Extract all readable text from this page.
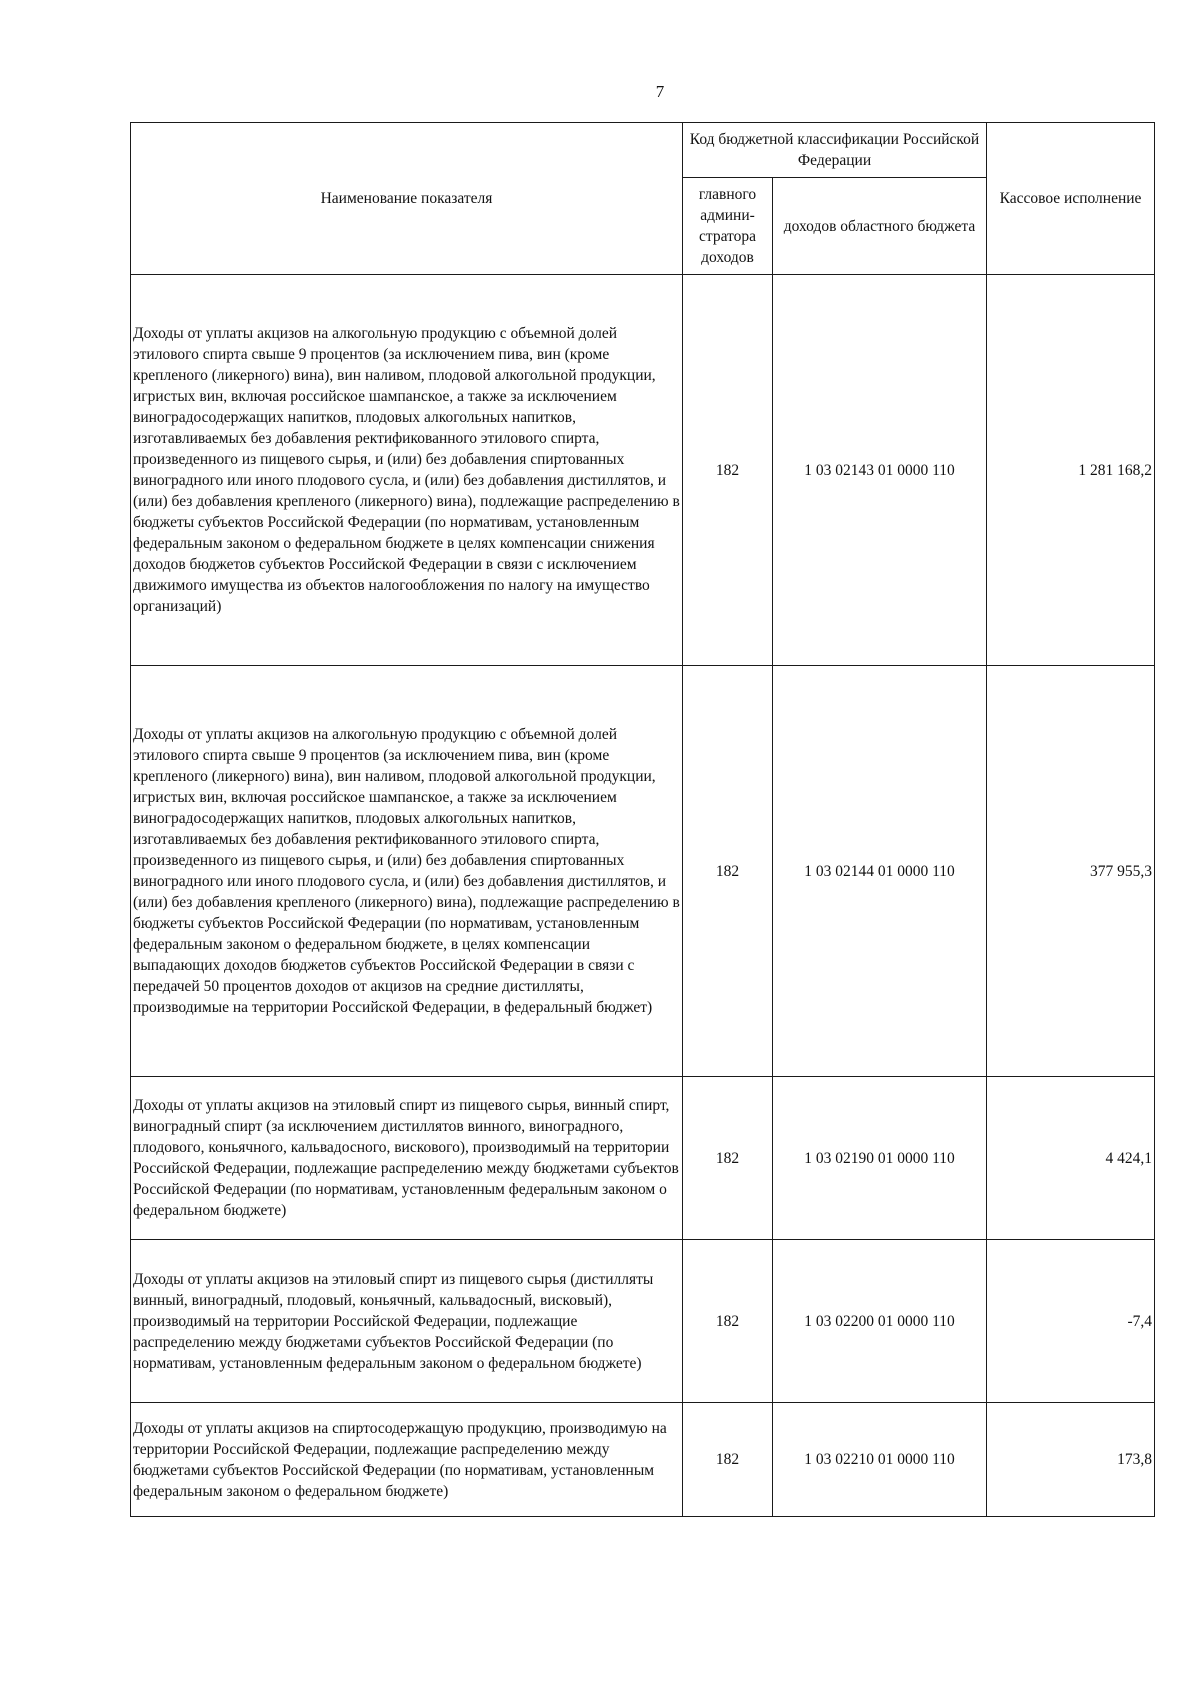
7
Наименование показателя	Код бюджетной классификации Российской Федерации		Кассовое исполнение
	главного админи-стратора доходов	доходов областного бюджета	
Доходы от уплаты акцизов на алкогольную продукцию с объемной долей этилового спирта свыше 9 процентов (за исключением пива, вин (кроме крепленого (ликерного) вина), вин наливом, плодовой алкогольной продукции, игристых вин, включая российское шампанское, а также за исключением виноградосодержащих напитков, плодовых алкогольных напитков, изготавливаемых без добавления ректификованного этилового спирта, произведенного из пищевого сырья, и (или) без добавления спиртованных виноградного или иного плодового сусла, и (или) без добавления дистиллятов, и (или) без добавления крепленого (ликерного) вина), подлежащие распределению в бюджеты субъектов Российской Федерации (по нормативам, установленным федеральным законом о федеральном бюджете в целях компенсации снижения доходов бюджетов субъектов Российской Федерации в связи с исключением движимого имущества из объектов налогообложения по налогу на имущество организаций)	182	1 03 02143 01 0000 110	1 281 168,2
Доходы от уплаты акцизов на алкогольную продукцию с объемной долей этилового спирта свыше 9 процентов (за исключением пива, вин (кроме крепленого (ликерного) вина), вин наливом, плодовой алкогольной продукции, игристых вин, включая российское шампанское, а также за исключением виноградосодержащих напитков, плодовых алкогольных напитков, изготавливаемых без добавления ректификованного этилового спирта, произведенного из пищевого сырья, и (или) без добавления спиртованных виноградного или иного плодового сусла, и (или) без добавления дистиллятов, и (или) без добавления крепленого (ликерного) вина), подлежащие распределению в бюджеты субъектов Российской Федерации (по нормативам, установленным федеральным законом о федеральном бюджете, в целях компенсации выпадающих доходов бюджетов субъектов Российской Федерации в связи с передачей 50 процентов доходов от акцизов на средние дистилляты, производимые на территории Российской Федерации, в федеральный бюджет)	182	1 03 02144 01 0000 110	377 955,3
Доходы от уплаты акцизов на этиловый спирт из пищевого сырья, винный спирт, виноградный спирт (за исключением дистиллятов винного, виноградного, плодового, коньячного, кальвадосного, вискового), производимый на территории Российской Федерации, подлежащие распределению между бюджетами субъектов Российской Федерации (по нормативам, установленным федеральным законом о федеральном бюджете)	182	1 03 02190 01 0000 110	4 424,1
Доходы от уплаты акцизов на этиловый спирт из пищевого сырья (дистилляты винный, виноградный, плодовый, коньячный, кальвадосный, висковый), производимый на территории Российской Федерации, подлежащие распределению между бюджетами субъектов Российской Федерации (по нормативам, установленным федеральным законом о федеральном бюджете)	182	1 03 02200 01 0000 110	-7,4
Доходы от уплаты акцизов на спиртосодержащую продукцию, производимую на территории Российской Федерации, подлежащие распределению между бюджетами субъектов Российской Федерации (по нормативам, установленным федеральным законом о федеральном бюджете)	182	1 03 02210 01 0000 110	173,8
